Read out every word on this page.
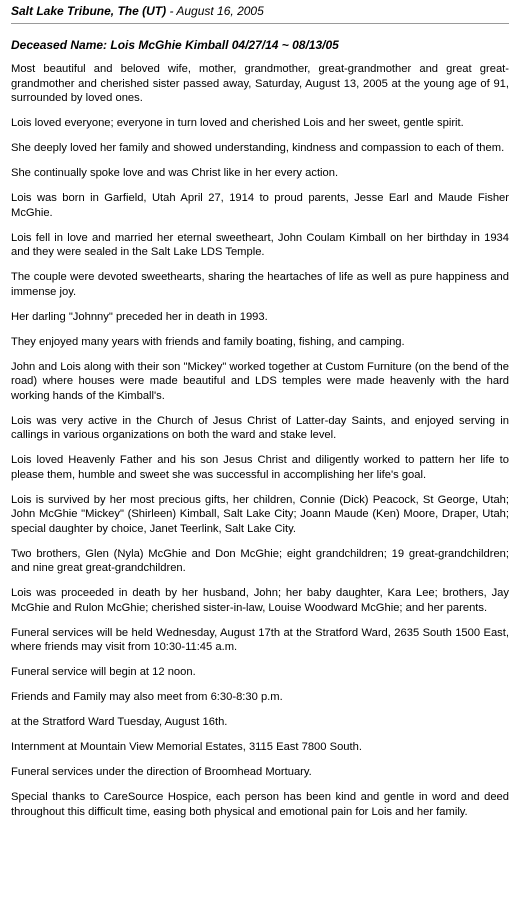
Salt Lake Tribune, The (UT) - August 16, 2005
Deceased Name: Lois McGhie Kimball 04/27/14 ~ 08/13/05

Most beautiful and beloved wife, mother, grandmother, great-grandmother and great great-grandmother and cherished sister passed away, Saturday, August 13, 2005 at the young age of 91, surrounded by loved ones.

Lois loved everyone; everyone in turn loved and cherished Lois and her sweet, gentle spirit.

She deeply loved her family and showed understanding, kindness and compassion to each of them.

She continually spoke love and was Christ like in her every action.

Lois was born in Garfield, Utah April 27, 1914 to proud parents, Jesse Earl and Maude Fisher McGhie.

Lois fell in love and married her eternal sweetheart, John Coulam Kimball on her birthday in 1934 and they were sealed in the Salt Lake LDS Temple.

The couple were devoted sweethearts, sharing the heartaches of life as well as pure happiness and immense joy.

Her darling "Johnny" preceded her in death in 1993.

They enjoyed many years with friends and family boating, fishing, and camping.

John and Lois along with their son "Mickey" worked together at Custom Furniture (on the bend of the road) where houses were made beautiful and LDS temples were made heavenly with the hard working hands of the Kimball's.

Lois was very active in the Church of Jesus Christ of Latter-day Saints, and enjoyed serving in callings in various organizations on both the ward and stake level.

Lois loved Heavenly Father and his son Jesus Christ and diligently worked to pattern her life to please them, humble and sweet she was successful in accomplishing her life's goal.

Lois is survived by her most precious gifts, her children, Connie (Dick) Peacock, St George, Utah; John McGhie "Mickey" (Shirleen) Kimball, Salt Lake City; Joann Maude (Ken) Moore, Draper, Utah; special daughter by choice, Janet Teerlink, Salt Lake City.

Two brothers, Glen (Nyla) McGhie and Don McGhie; eight grandchildren; 19 great-grandchildren; and nine great great-grandchildren.

Lois was proceeded in death by her husband, John; her baby daughter, Kara Lee; brothers, Jay McGhie and Rulon McGhie; cherished sister-in-law, Louise Woodward McGhie; and her parents.

Funeral services will be held Wednesday, August 17th at the Stratford Ward, 2635 South 1500 East, where friends may visit from 10:30-11:45 a.m.

Funeral service will begin at 12 noon.

Friends and Family may also meet from 6:30-8:30 p.m.

at the Stratford Ward Tuesday, August 16th.

Internment at Mountain View Memorial Estates, 3115 East 7800 South.

Funeral services under the direction of Broomhead Mortuary.

Special thanks to CareSource Hospice, each person has been kind and gentle in word and deed throughout this difficult time, easing both physical and emotional pain for Lois and her family.
